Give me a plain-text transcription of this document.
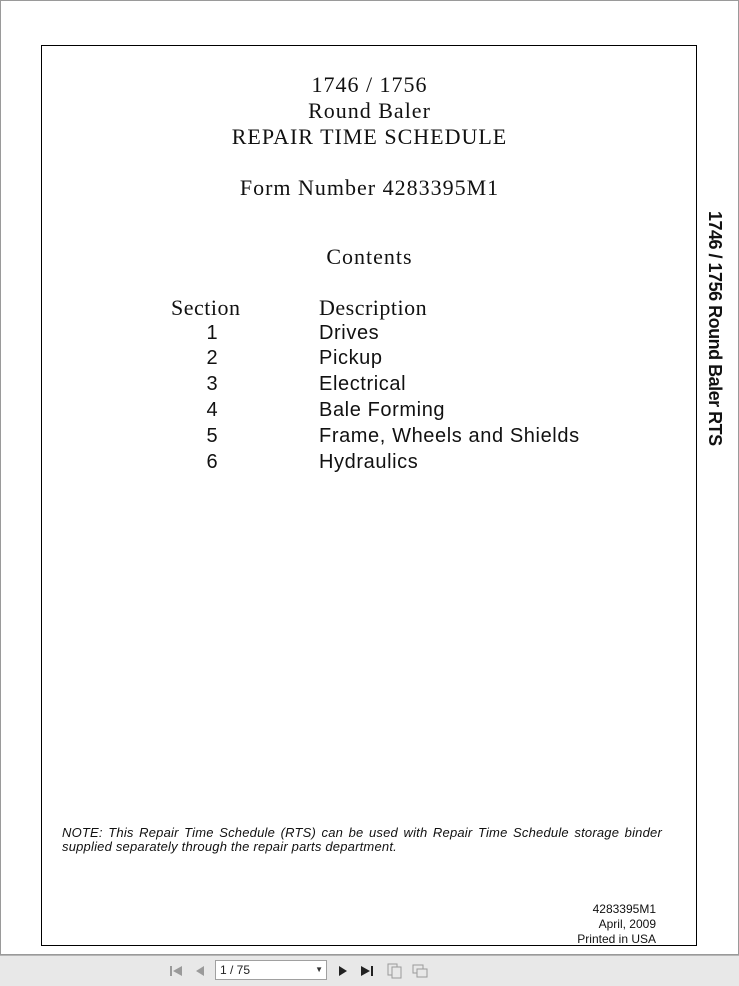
1746 / 1756
Round Baler
REPAIR TIME SCHEDULE
Form Number 4283395M1
Contents
Section	Description
1	Drives
2	Pickup
3	Electrical
4	Bale Forming
5	Frame, Wheels and Shields
6	Hydraulics
NOTE: This Repair Time Schedule (RTS) can be used with Repair Time Schedule storage binder supplied separately through the repair parts department.
4283395M1
April, 2009
Printed in USA
1746 / 1756 Round Baler RTS
1 / 75	▼
